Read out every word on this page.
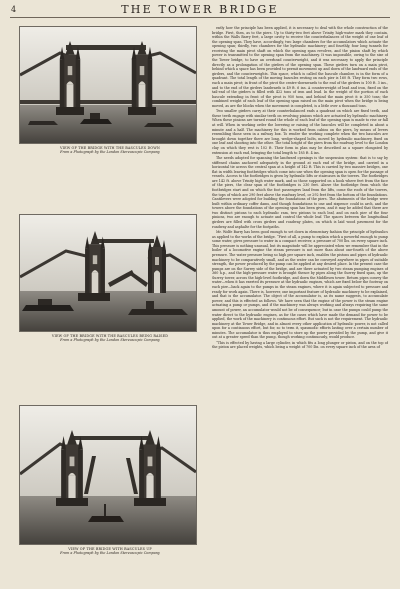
4	THE TOWER BRIDGE
VIEW OF THE BRIDGE WITH THE BASCULES DOWN
From a Photograph by the London Stereoscopic Company
VIEW OF THE BRIDGE WITH THE BASCULES BEING RAISED
From a Photograph by the London Stereoscopic Company
VIEW OF THE BRIDGE WITH BASCULES UP
From a Photograph by the London Stereoscopic Company

ently how the principle has been applied, it is necessary to deal with the whole construction of the bridge. First, then, as to the piers. Up to thirty-two feet above Trinity high-water mark they contain, within the Walls Barry feet, a large cavity to receive the counterbalances of the weight of one leaf of the opening span. They have, accordingly, two large chambers for the accumulators which actuate the opening span; thirdly, two chambers for the hydraulic machinery; and fourthly, four long tunnels for receiving the main pivot shaft on which the opening span revolves, and the pinion shaft by which power is transmitted to the opening span from the machinery. It was impossible, owing to the size of the Tower bridge, to have an overhead counterweight, and it was necessary to apply the principle directly as a prolongation of the girders of the opening span. These girders turn on a main pivot, behind which a space has been provided to permit movement up and down of the landward ends of the girders, and the counterweights. This space, which is called the bascule chamber, is in the form of a quadrant. The total length of the moving bascules resting on each pier is 160 ft. They form two rows, each a main pivot; in front of the pivot the centre-downwards to the end of the girders is 100 ft. 3 ins., and to the end of the girders landwards is 49 ft. 6 ins. A counterweight of lead and iron, fixed on the tail-end of the girders is filled with 422 tons of iron and lead. In the weight of the portion of each bascule extending in front of the pivot is 950 tons, and behind the main pivot it is 350 tons; the combined weight of each leaf of the opening span raised on the main pivot when the bridge is being moved, as are the blocks when the movement is completed, is a little over a thousand tons.

Two smaller girders carry at their counterbalanced ends a quadrant on which are fixed teeth, and these teeth engage with similar teeth on revolving pinions which are actuated by hydraulic machinery. When these pinions are turned round the whole of each leaf of the opening span is made to rise or fall at will. When in working order the lowering or raising of the bascules will be completed in about a minute and a half. The machinery for this is worked from cabins on the piers, by means of levers resembling those seen in a railway box. To render the working complete when the two bascules are brought down together there are long, wedge-shaped bolts, moved by hydraulic machinery, fixed on one leaf and shooting into the other. The total height of the piers from the roadway level to the London clay on which they rest is 102 ft. Their form in plan may be described as a square elongated by extension at each end, bringing the total length to 185 ft. 4 ins.

The needs adopted for spanning the landward openings is the suspension system: that is to say by stiffened chains anchored adequately in the ground at each end of the bridge, and carried in a horizontal tie across the central span at a height of 142 ft. This is carried by two massive bridges, one flat in width leaving footbridges which come into use when the opening span is open for the passage of vessels. Access to the footbridges is given by hydraulic lifts or staircases in the towers. The footbridges are 142 ft. above Trinity high water mark, and so those supported on a hook where feet from the face of the piers, the clear span of the footbridges is 230 feet. Above the footbridge from which the footbridges start and on which the foot passengers land from the lifts, come the roofs of the towers, the tops of which are 290 feet above the roadway level, or 292 feet from the bottom of the foundations. Cantilevers were adopted for building the foundations of the piers. The abutments of the bridge were built within ordinary coffer dams, and though foundations to one and sixpence could in arch, and the towers above the foundations of the opening span has been given, and it may be added that there are two distinct pistons to each hydraulic ram, two pistons to each leaf, and on each pier of the four pinions, two are enough to actuate and control the whole leaf. The spaces between the longitudinal girders are filled with cross girders and roadway plates, on which is laid wood pavement for the roadway and asphalte for the footpaths.

Mr. Wolfe Barry has been good enough to set down in elementary fashion the principle of hydraulics as applied to the works of the bridge. “First of all, a pump to explain which a powerful enough to pump some water, gives pressure to water in a compact receiver, a pressure of 700 lbs. on every square inch. This pressure is nothing unusual, but its magnitude will be appreciated when we remember that in the boiler of a locomotive engine the steam pressure is not more than about one-fourth of the above pressure. The water pressure being so high per square inch, enables the pistons and pipes of hydraulic machinery to be comparatively small, and as the water can be conveyed anywhere in pipes of suitable strength, the power produced by the pump can be applied at any desired place. In the present case the pumps are on the Surrey side of the bridge, and are there actuated by two steam pumping engines of 360 h.p., and the high-pressure water is brought thence by pipes along the Surrey fixed span, up the Surrey tower, across the high-level footbridge, and down the Middlesex tower. Return pipes convey the water—when it has exerted its pressure at the hydraulic engines, which are fixed below the footway on each pier—back again to the pumps in the steam engines, where it is again subjected to pressure and ready for work again. There is, however, one important feature of hydraulic machinery to be explained, and that is the accumulator. The object of the accumulator is, as its name suggests, to accumulate power, and this is effected as follows. We have seen that the engine of the power is the steam engine actuating a pump or pumps, and if the machinery was always working and always requiring the same amount of power, an accumulator would not be of consequence; but in case the pumps could pump the water direct to the hydraulic engines, as for the cases which have made the demand for power to be applied, the work of the machinery is continuous effort. But such is not the requirement. The hydraulic machinery at the Tower Bridge, and in almost every other application of hydraulic power, is not called upon for a continuous effort, but for, so to term it, spasmodic efforts lasting over a certain number of minutes. The accumulator is thus employed to store up the power provided by the pump, and give it out at a greater speed than the pump, though working continuously, would produce.

“This is effected by having a large cylinder, in which fits a long plunger or piston, and on the top of the piston are placed weights, which being a weight of 700 lbs. on every square inch of the area of
